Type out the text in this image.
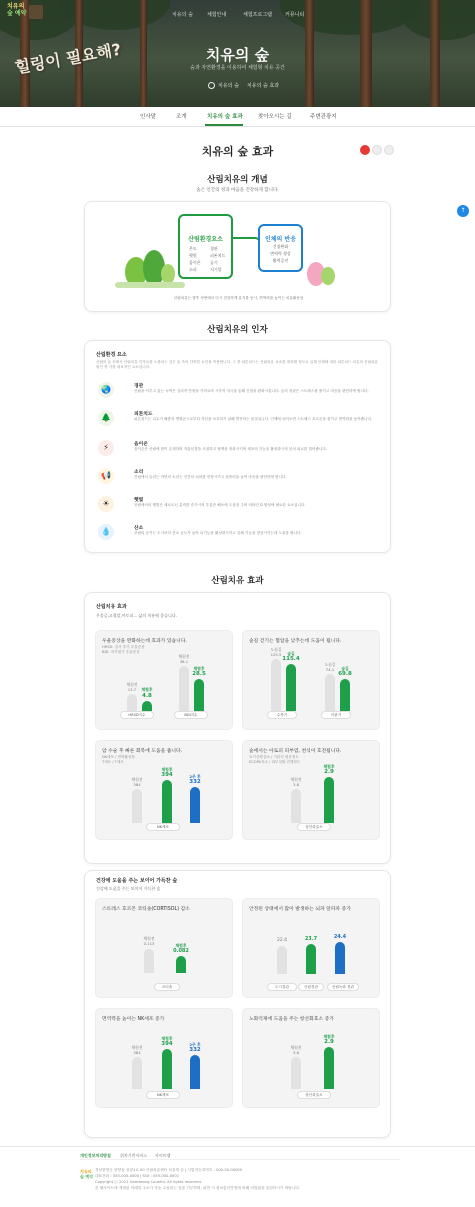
치유의
숲 예약	치유의 숲	체험안내	체험프로그램	커뮤니티
힐링이 필요해?	치유의 숲
숲과 자연환경을 이용하여 체험형 치유 공간
치유의 숲 치유의 숲 효과
인사말	조개	치유의 숲 효과	찾아오시는 길	주변관광지
치유의 숲 효과
↑
산림치유의 개념
숲은 인간의 정과 마음을 건강하게 합니다.
산림환경요소
온도	경관
햇빛	피톤치드
음이온 공기
소리	저기압
인체의 반응
긴장완화
면역력 향상
활력증진
산림치유는 향후 자연에서 다시 건강하게 유지를 동시, 면역력을 높이는 치유활동임
산림치유의 인자
산림환경 요소
산림의 숲 속에서 산림치유 인자들을 노출되는 것은 숲 속의 다양한 요인을 이용합니다. 그 중 피톤치드는 산림치유 요소를 대표할 정도로 실제 인체에 대한 피톤치드 치유의 산림치유 원인 중 가장 대표적인 요소입니다.
🌏	경관
산림을 이루고 있는 녹색은 심리적 안정을 가져오며 시각적 자극을 통해 긴장을 완화시킵니다. 숲의 경관은 스트레스를 줄이고 마음을 편안하게 합니다.
🌲	피톤치드
피톤치드는 나무가 해충과 병원균으로부터 자신을 보호하기 위해 발산하는 물질입니다. 인체에 들어오면 스트레스 호르몬을 줄이고 면역력을 높여줍니다.
⚡	음이온
음이온은 산림에 많이 존재하며 자율신경을 조절하고 혈액을 정화시키며 세포의 기능을 활성화시켜 몸의 피로를 덜어줍니다.
📢	소리
산림에서 들리는 자연의 소리는 인간의 뇌파를 안정시키고 집중력을 높여 마음을 편안하게 합니다.
☀	햇빛
산림에서의 햇빛은 세로토닌 분비를 증가시켜 우울증 해소에 도움을 주며 비타민 D 합성에 필요한 요소입니다.
💧	산소
산림의 공기는 도시보다 산소 농도가 높아 뇌기능을 활성화시키고 심폐 기능을 향상시키는데 도움을 줍니다.
산림치유 효과
산림치유 효과
우울증,고혈압,아토피... 삶의 치유에 좋습니다.
우울증상을 완화하는데 효과가 있습니다.
HRSD: 검사 후기 우울증상
BDI: 자기평가 우울증상
체험전
13.7	체험후
4.8
체험전
38.1
체험후
28.5
HRSD지수	BDI지수
숲길 걷기는 혈압을 낮추는데 도움이 됩니다.
도심길
125.5	숲길
115.4
도심길
74.1	숲길
69.8
수축기	이완기
암 수술 후 빠른 회복에 도움을 줍니다.
NK세포 / 면역활성화
T세포 / T세포
체험전
384
체험후
394	2주 후
332
NK세포
숲에서는 아토피 피부염, 천식이 호전됩니다.
호기산화질소 / 기관지 염증정도
ECOPA자수 / 피부질환 진행정도
체험전
3.8
체험후
2.9
항산화효소
건강에 도움을 주는 보이어 가득찬 숲
건강에 도움을 주는 보이어 가득찬 숲
스트레스 호르몬 코티솔(CORTISOL) 감소
체험전
0.113	체험후
0.082
코티솔
안정된 상태에서 많이 발생하는 뇌파 알파파 증가
22.4	23.7	24.4
도시경관	산림경관	산림녹화 경관
면역력을 높이는 NK세포 증가
체험전
384
체험후
394	2주 후
332
NK세포
노화억제에 도움을 주는 항산화효소 증가
체험전
3.8
체험후
2.9
항산화효소
개인정보처리방침 위치기반서비스 사이트맵
치유의
숲 예약
경남함양군 함양읍 천령1로 00 산림치유센터 치유의 숲 | 사업자등록번호 : 000-00-00000
대표전화 : 055-000-0000 | FAX : 055-000-0001
Copyright ⓒ 2021 Gamseong Country. All rights reserved.
본 웹사이트에 게재된 이메일 주소가 자동 수집되는 것을 거부하며, 위반 시 정보통신망법에 의해 처벌됨을 유념하시기 바랍니다.
